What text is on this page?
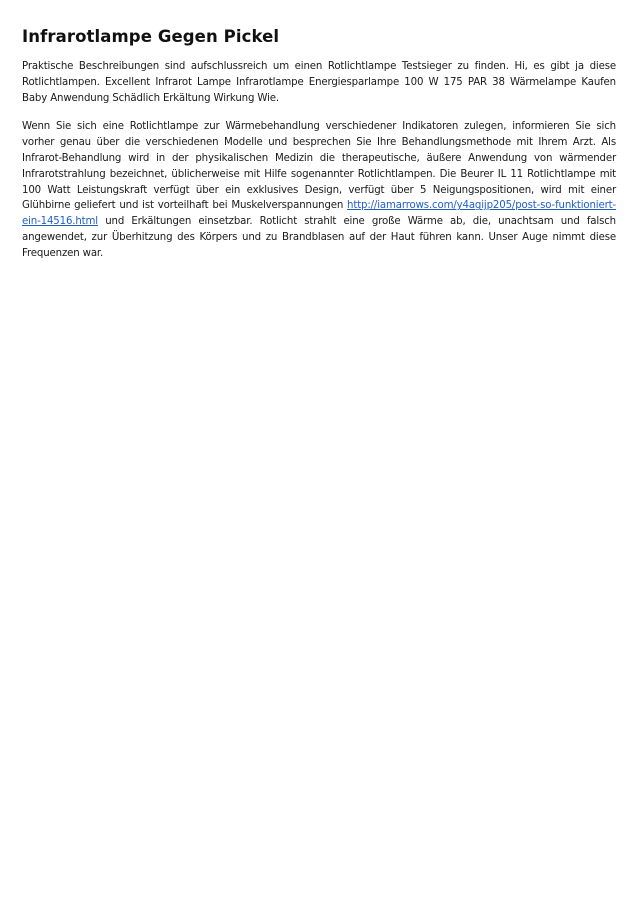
Infrarotlampe Gegen Pickel

Praktische Beschreibungen sind aufschlussreich um einen Rotlichtlampe Testsieger zu finden. Hi, es gibt ja diese Rotlichtlampen. Excellent Infrarot Lampe Infrarotlampe Energiesparlampe 100 W 175 PAR 38 Wärmelampe Kaufen Baby Anwendung Schädlich Erkältung Wirkung Wie.

Wenn Sie sich eine Rotlichtlampe zur Wärmebehandlung verschiedener Indikatoren zulegen, informieren Sie sich vorher genau über die verschiedenen Modelle und besprechen Sie Ihre Behandlungsmethode mit Ihrem Arzt. Als Infrarot-Behandlung wird in der physikalischen Medizin die therapeutische, äußere Anwendung von wärmender Infrarotstrahlung bezeichnet, üblicherweise mit Hilfe sogenannter Rotlichtlampen. Die Beurer IL 11 Rotlichtlampe mit 100 Watt Leistungskraft verfügt über ein exklusives Design, verfügt über 5 Neigungspositionen, wird mit einer Glühbirne geliefert und ist vorteilhaft bei Muskelverspannungen http://iamarrows.com/y4agijp205/post-so-funktioniert-ein-14516.html und Erkältungen einsetzbar. Rotlicht strahlt eine große Wärme ab, die, unachtsam und falsch angewendet, zur Überhitzung des Körpers und zu Brandblasen auf der Haut führen kann. Unser Auge nimmt diese Frequenzen war.
